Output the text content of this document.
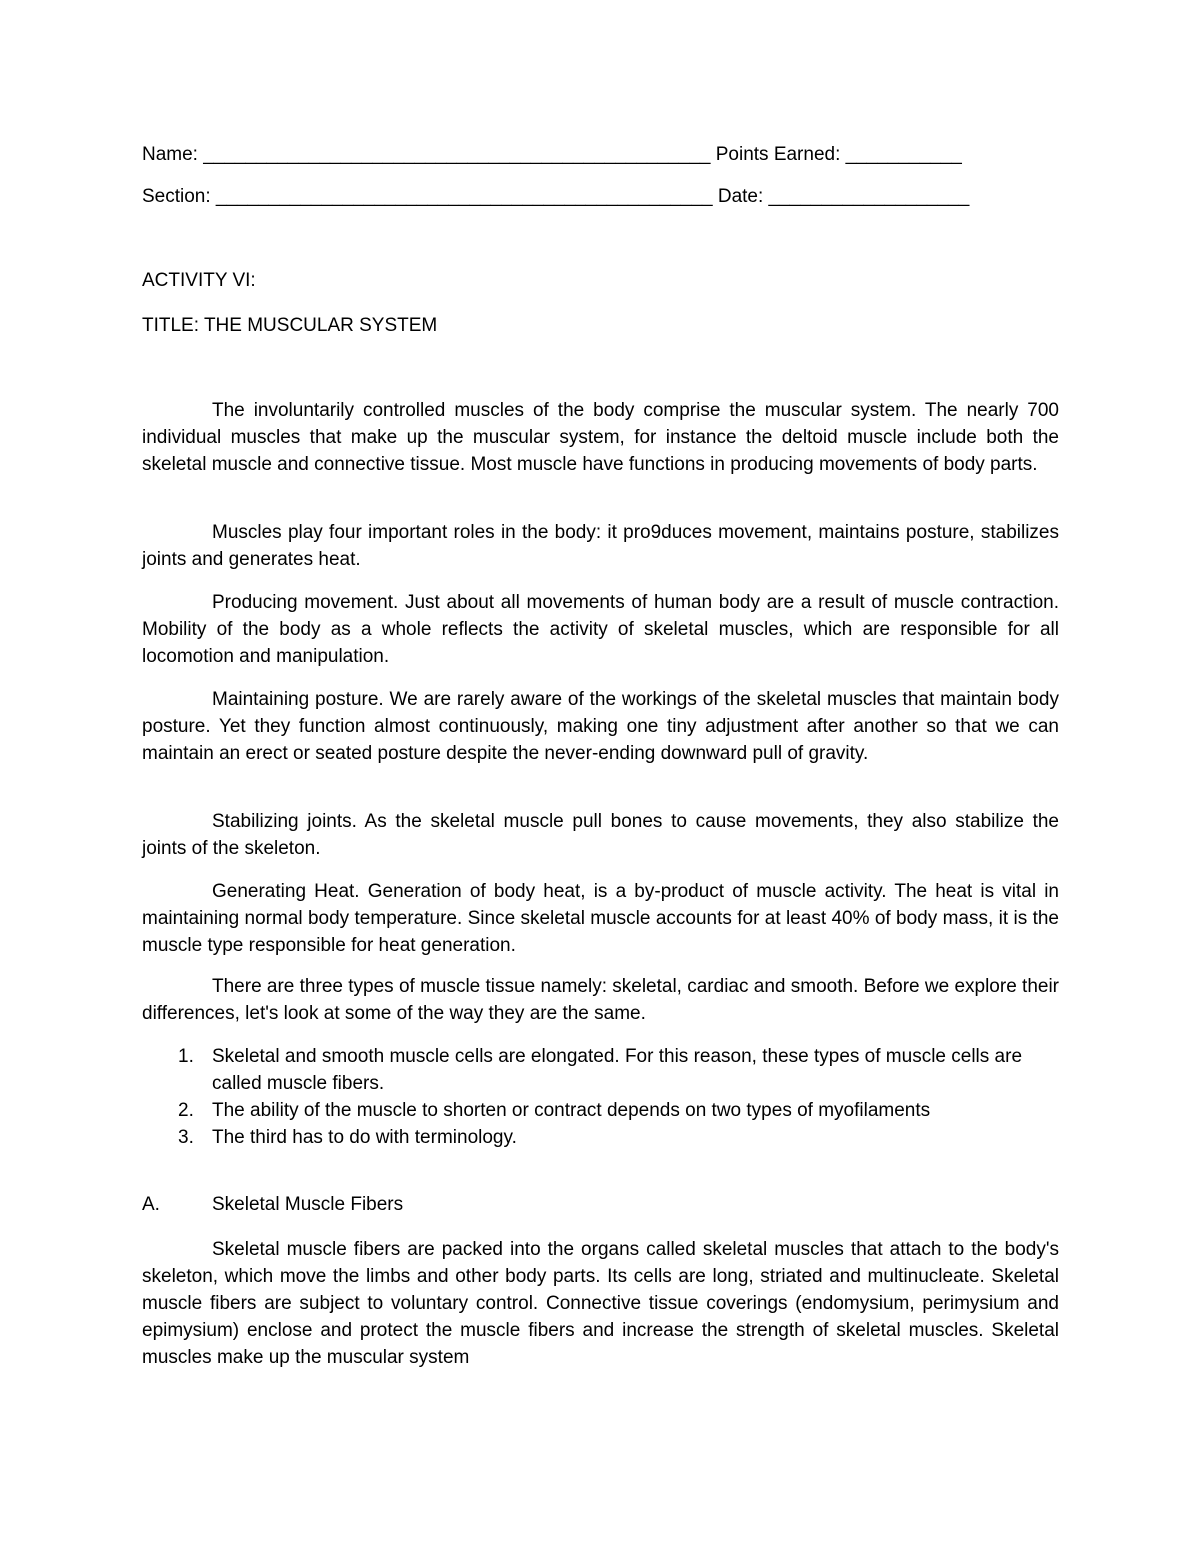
Name: ________________________________________________ Points Earned: ___________
Section: _______________________________________________ Date: ___________________
ACTIVITY VI:
TITLE: THE MUSCULAR SYSTEM

The involuntarily controlled muscles of the body comprise the muscular system. The nearly 700 individual muscles that make up the muscular system, for instance the deltoid muscle include both the skeletal muscle and connective tissue. Most muscle have functions in producing movements of body parts.

Muscles play four important roles in the body: it pro9duces movement, maintains posture, stabilizes joints and generates heat.

Producing movement. Just about all movements of human body are a result of muscle contraction. Mobility of the body as a whole reflects the activity of skeletal muscles, which are responsible for all locomotion and manipulation.

Maintaining posture. We are rarely aware of the workings of the skeletal muscles that maintain body posture. Yet they function almost continuously, making one tiny adjustment after another so that we can maintain an erect or seated posture despite the never-ending downward pull of gravity.

Stabilizing joints. As the skeletal muscle pull bones to cause movements, they also stabilize the joints of the skeleton.

Generating Heat. Generation of body heat, is a by-product of muscle activity. The heat is vital in maintaining normal body temperature. Since skeletal muscle accounts for at least 40% of body mass, it is the muscle type responsible for heat generation.

There are three types of muscle tissue namely: skeletal, cardiac and smooth. Before we explore their differences, let's look at some of the way they are the same.

1. Skeletal and smooth muscle cells are elongated. For this reason, these types of muscle cells are called muscle fibers.
2. The ability of the muscle to shorten or contract depends on two types of myofilaments
3. The third has to do with terminology.
A.	Skeletal Muscle Fibers

Skeletal muscle fibers are packed into the organs called skeletal muscles that attach to the body's skeleton, which move the limbs and other body parts. Its cells are long, striated and multinucleate. Skeletal muscle fibers are subject to voluntary control. Connective tissue coverings (endomysium, perimysium and epimysium) enclose and protect the muscle fibers and increase the strength of skeletal muscles. Skeletal muscles make up the muscular system
